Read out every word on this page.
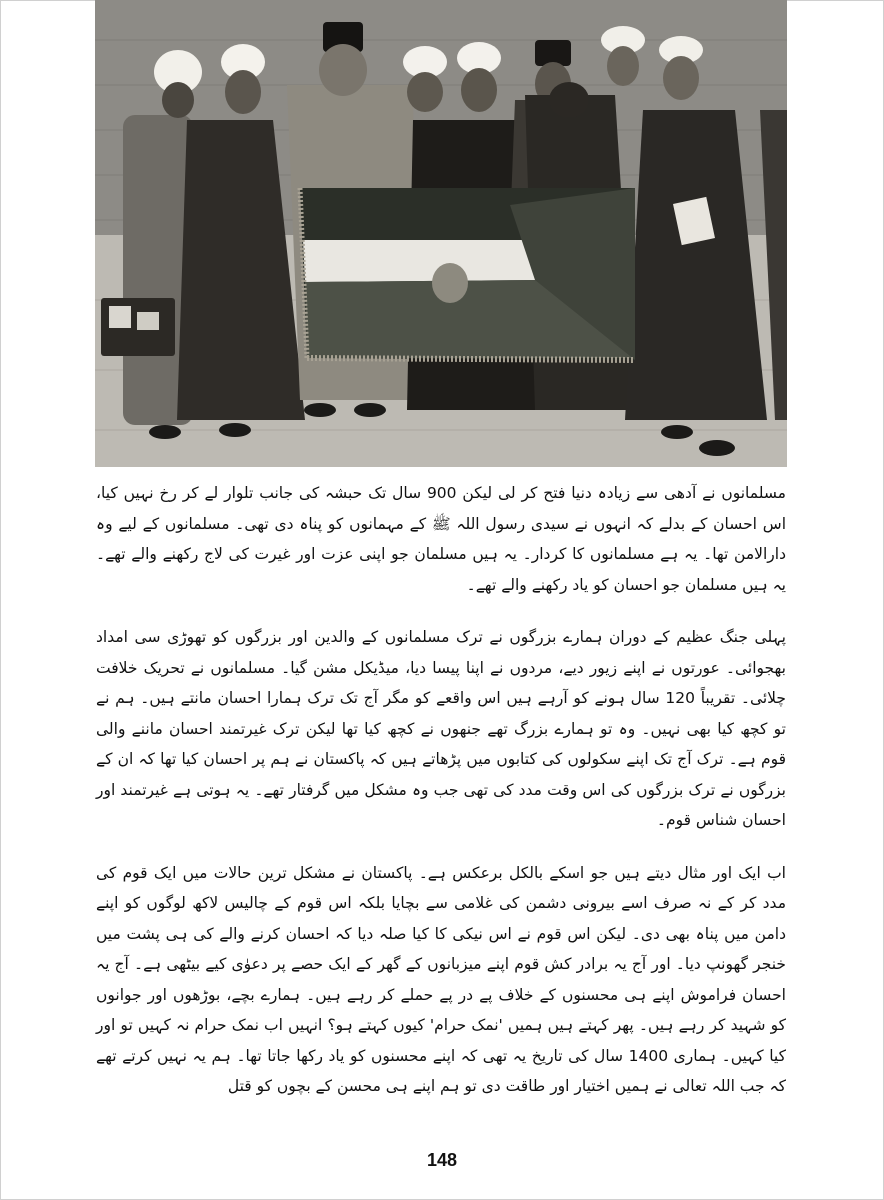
مسلمانوں نے آدھی سے زیادہ دنیا فتح کر لی لیکن 900 سال تک حبشہ کی جانب تلوار لے کر رخ نہیں کیا، اس احسان کے بدلے کہ انہوں نے سیدی رسول اللہ ﷺ کے مہمانوں کو پناہ دی تھی۔ مسلمانوں کے لیے وہ دارالامن تھا۔ یہ ہے مسلمانوں کا کردار۔ یہ ہیں مسلمان جو اپنی عزت اور غیرت کی لاج رکھنے والے تھے۔ یہ ہیں مسلمان جو احسان کو یاد رکھنے والے تھے۔

پہلی جنگ عظیم کے دوران ہمارے بزرگوں نے ترک مسلمانوں کے والدین اور بزرگوں کو تھوڑی سی امداد بھجوائی۔ عورتوں نے اپنے زیور دیے، مردوں نے اپنا پیسا دیا، میڈیکل مشن گیا۔ مسلمانوں نے تحریک خلافت چلائی۔ تقریباً 120 سال ہونے کو آرہے ہیں اس واقعے کو مگر آج تک ترک ہمارا احسان مانتے ہیں۔ ہم نے تو کچھ کیا بھی نہیں۔ وہ تو ہمارے بزرگ تھے جنھوں نے کچھ کیا تھا لیکن ترک غیرتمند احسان ماننے والی قوم ہے۔ ترک آج تک اپنے سکولوں کی کتابوں میں پڑھاتے ہیں کہ پاکستان نے ہم پر احسان کیا تھا کہ ان کے بزرگوں نے ترک بزرگوں کی اس وقت مدد کی تھی جب وہ مشکل میں گرفتار تھے۔ یہ ہوتی ہے غیرتمند اور احسان شناس قوم۔

اب ایک اور مثال دیتے ہیں جو اسکے بالکل برعکس ہے۔ پاکستان نے مشکل ترین حالات میں ایک قوم کی مدد کر کے نہ صرف اسے بیرونی دشمن کی غلامی سے بچایا بلکہ اس قوم کے چالیس لاکھ لوگوں کو اپنے دامن میں پناہ بھی دی۔ لیکن اس قوم نے اس نیکی کا کیا صلہ دیا کہ احسان کرنے والے کی ہی پشت میں خنجر گھونپ دیا۔ اور آج یہ برادر کش قوم اپنے میزبانوں کے گھر کے ایک حصے پر دعوٰی کیے بیٹھی ہے۔ آج یہ احسان فراموش اپنے ہی محسنوں کے خلاف پے در پے حملے کر رہے ہیں۔ ہمارے بچے، بوڑھوں اور جوانوں کو شہید کر رہے ہیں۔ پھر کہتے ہیں ہمیں 'نمک حرام' کیوں کہتے ہو؟ انہیں اب نمک حرام نہ کہیں تو اور کیا کہیں۔ ہماری 1400 سال کی تاریخ یہ تھی کہ اپنے محسنوں کو یاد رکھا جاتا تھا۔ ہم یہ نہیں کرتے تھے کہ جب اللہ تعالی نے ہمیں اختیار اور طاقت دی تو ہم اپنے ہی محسن کے بچوں کو قتل

148
